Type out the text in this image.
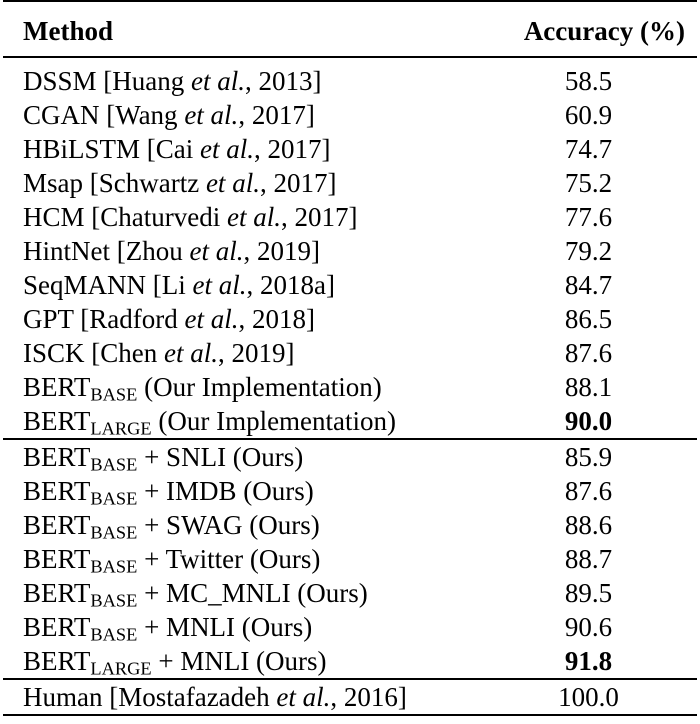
Method	Accuracy (%)
DSSM [Huang et al., 2013]	58.5
CGAN [Wang et al., 2017]	60.9
HBiLSTM [Cai et al., 2017]	74.7
Msap [Schwartz et al., 2017]	75.2
HCM [Chaturvedi et al., 2017]	77.6
HintNet [Zhou et al., 2019]	79.2
SeqMANN [Li et al., 2018a]	84.7
GPT [Radford et al., 2018]	86.5
ISCK [Chen et al., 2019]	87.6
$BERT_{BASE}$ (Our Implementation)	88.1
$BERT_{LARGE}$ (Our Implementation)	90.0
$BERT_{BASE}$ + SNLI (Ours)	85.9
$BERT_{BASE}$ + IMDB (Ours)	87.6
$BERT_{BASE}$ + SWAG (Ours)	88.6
$BERT_{BASE}$ + Twitter (Ours)	88.7
$BERT_{BASE}$ + MC_MNLI (Ours)	89.5
$BERT_{BASE}$ + MNLI (Ours)	90.6
$BERT_{LARGE}$ + MNLI (Ours)	91.8
Human [Mostafazadeh et al., 2016]	100.0
